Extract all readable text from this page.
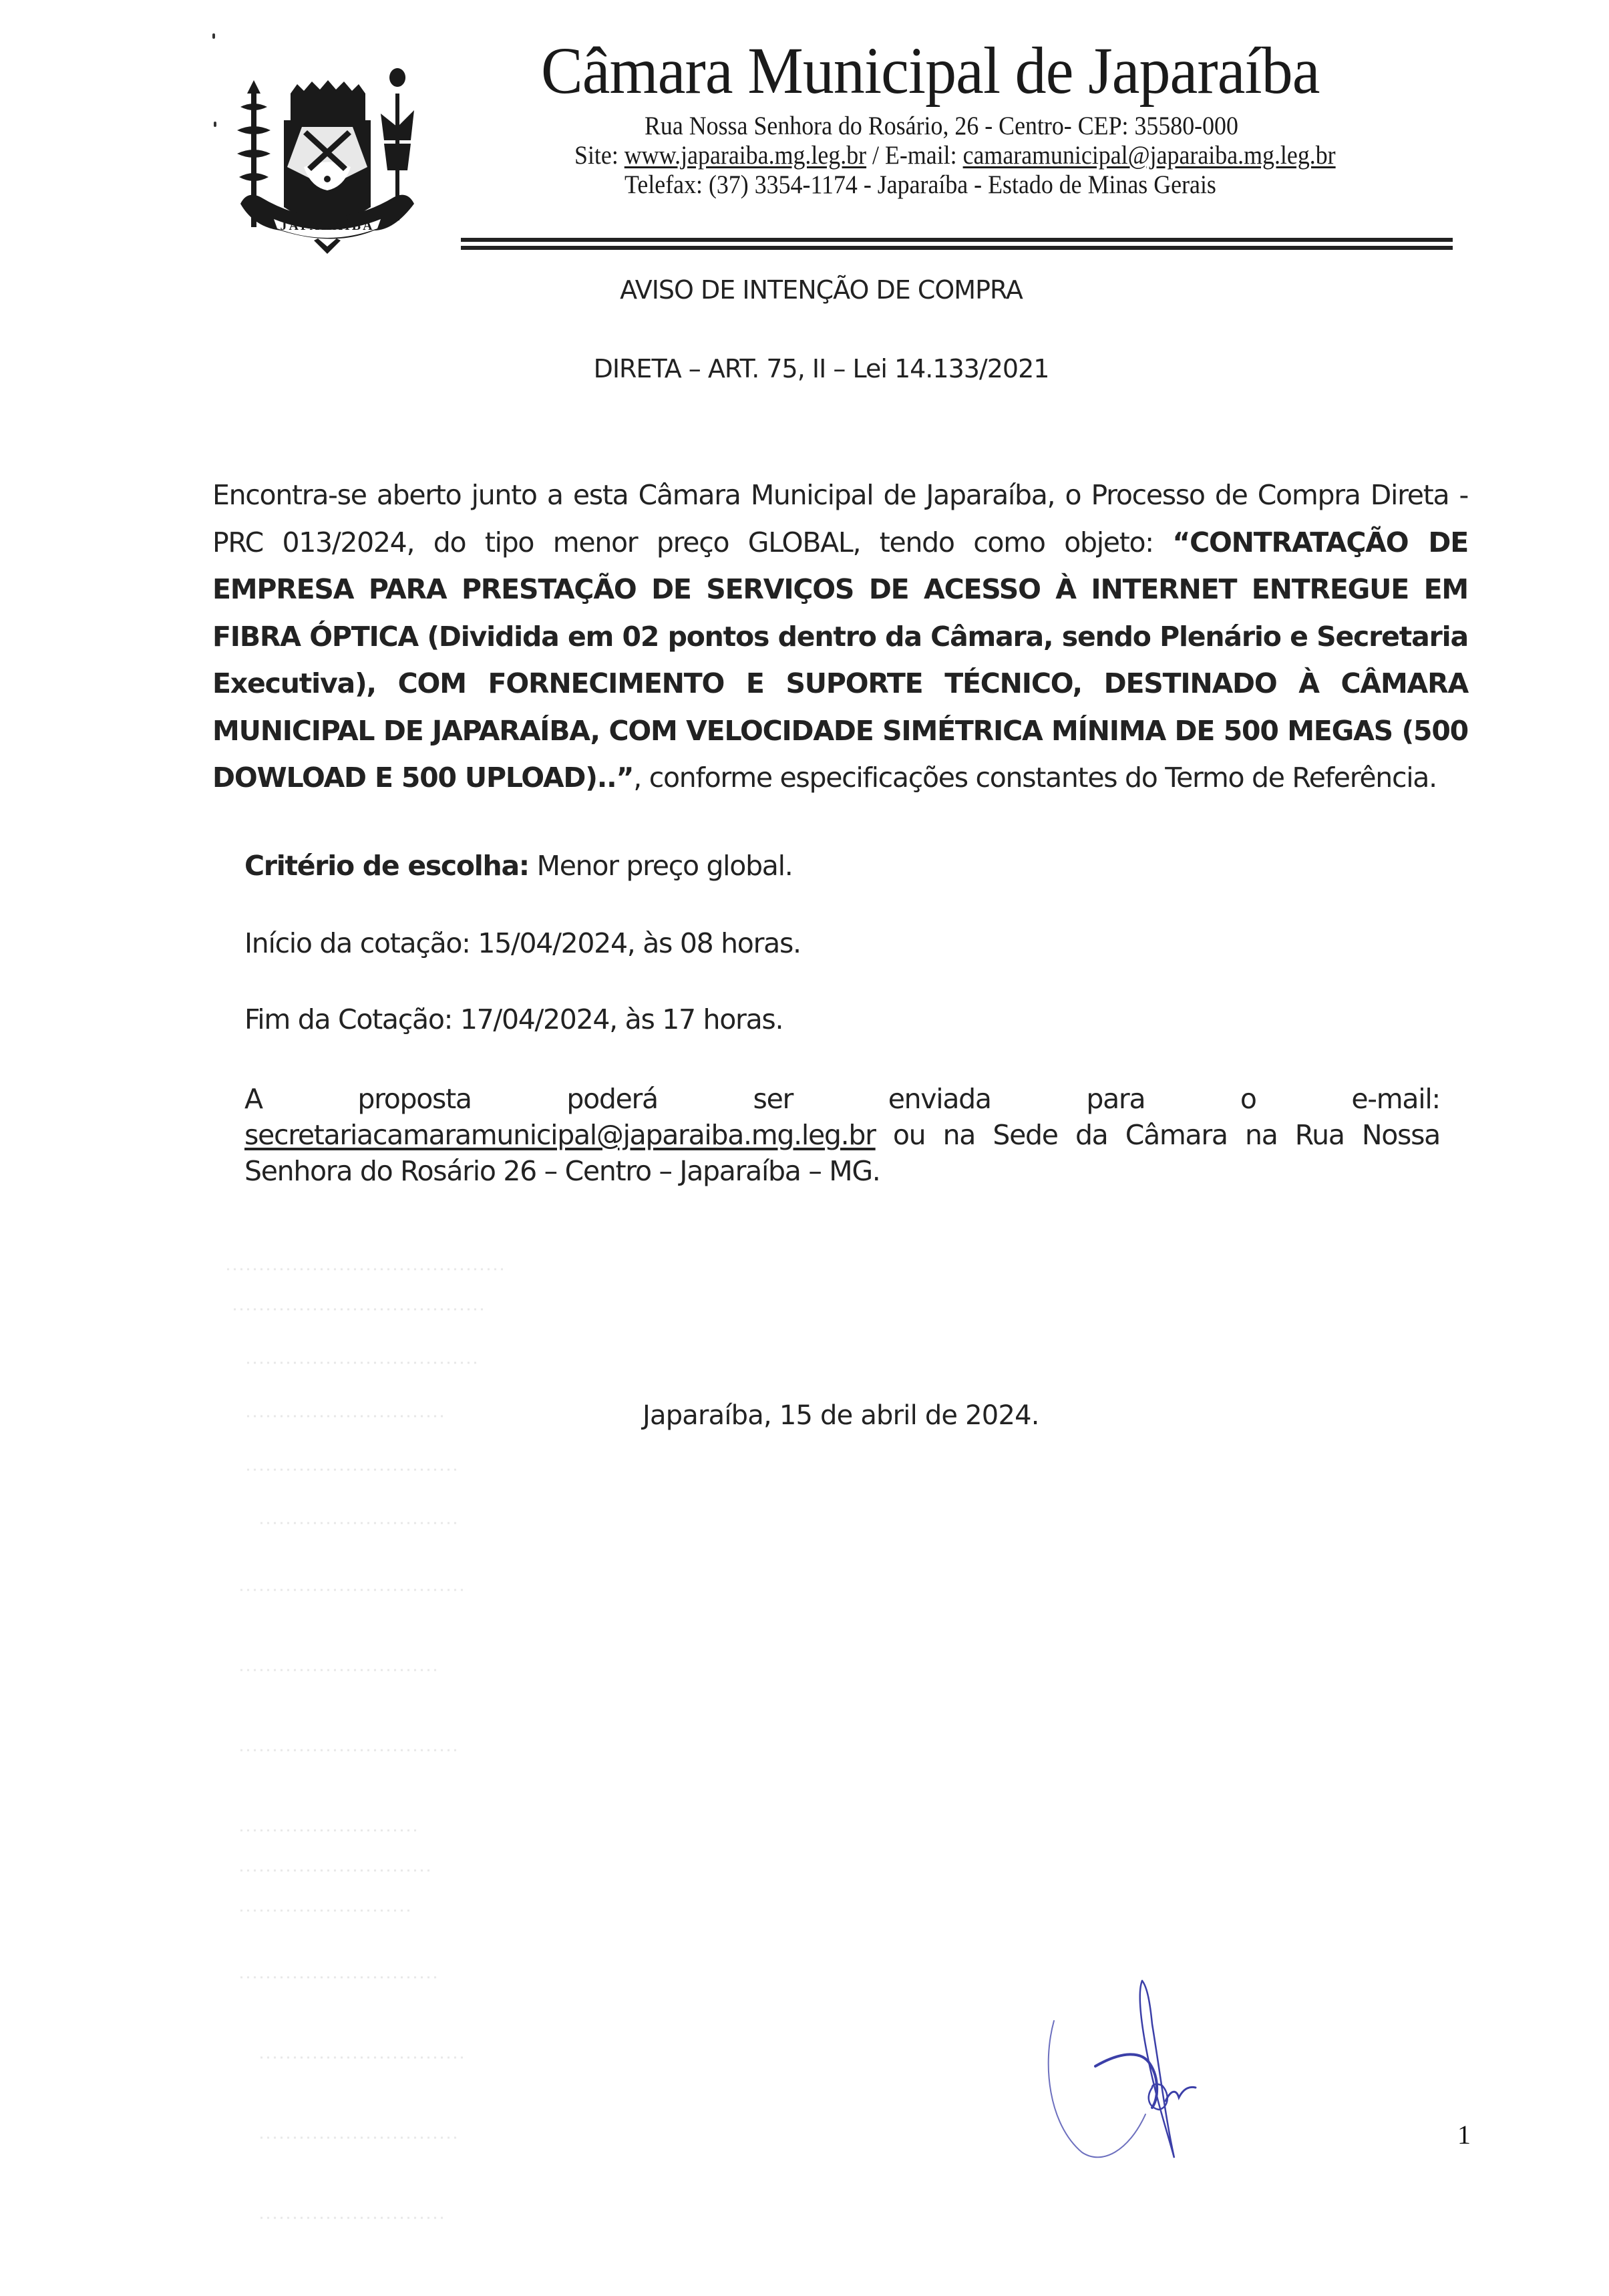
JAPARAÍBA
Câmara Municipal de Japaraíba
Rua Nossa Senhora do Rosário, 26 - Centro- CEP: 35580-000
Site: www.japaraiba.mg.leg.br / E-mail: camaramunicipal@japaraiba.mg.leg.br
Telefax: (37) 3354-1174 - Japaraíba - Estado de Minas Gerais
AVISO DE INTENÇÃO DE COMPRA
DIRETA – ART. 75, II – Lei 14.133/2021
Encontra-se aberto junto a esta Câmara Municipal de Japaraíba, o Processo de Compra Direta - PRC 013/2024, do tipo menor preço GLOBAL, tendo como objeto: “CONTRATAÇÃO DE EMPRESA PARA PRESTAÇÃO DE SERVIÇOS DE ACESSO À INTERNET ENTREGUE EM FIBRA ÓPTICA (Dividida em 02 pontos dentro da Câmara, sendo Plenário e Secretaria Executiva), COM FORNECIMENTO E SUPORTE TÉCNICO, DESTINADO À CÂMARA MUNICIPAL DE JAPARAÍBA, COM VELOCIDADE SIMÉTRICA MÍNIMA DE 500 MEGAS (500 DOWLOAD E 500 UPLOAD)..”, conforme especificações constantes do Termo de Referência.
Critério de escolha: Menor preço global.
Início da cotação: 15/04/2024, às 08 horas.
Fim da Cotação: 17/04/2024, às 17 horas.
A	proposta	poderá	ser	enviada	para	o	e-mail:
secretariacamaramunicipal@japaraiba.mg.leg.br ou na Sede da Câmara na Rua Nossa Senhora do Rosário 26 – Centro – Japaraíba – MG.
Japaraíba, 15 de abril de 2024.
1
